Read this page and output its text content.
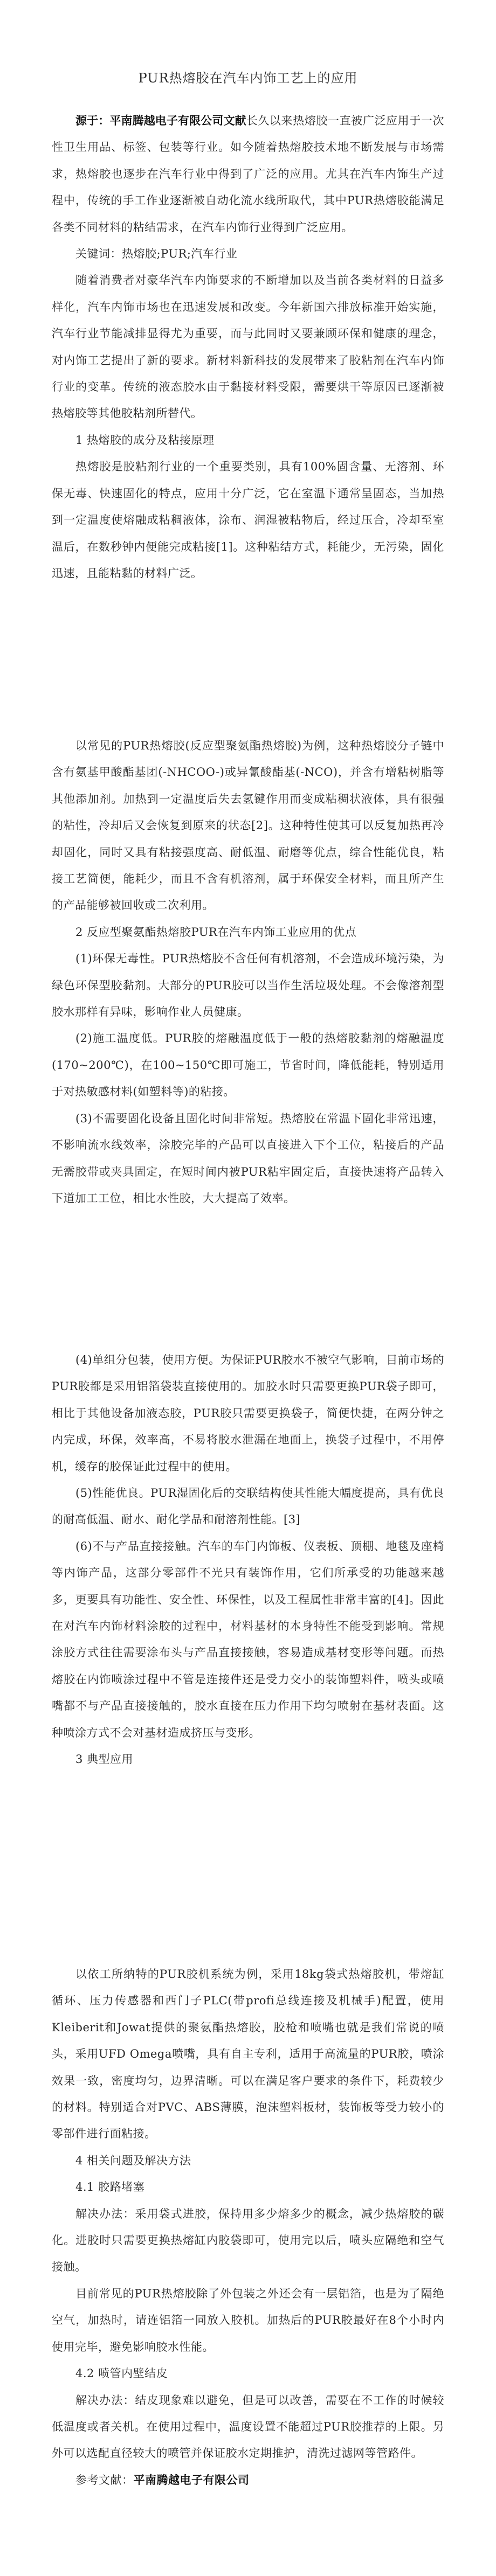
PUR热熔胶在汽车内饰工艺上的应用

源于：平南腾越电子有限公司文献长久以来热熔胶一直被广泛应用于一次性卫生用品、标签、包装等行业。如今随着热熔胶技术地不断发展与市场需求，热熔胶也逐步在汽车行业中得到了广泛的应用。尤其在汽车内饰生产过程中，传统的手工作业逐渐被自动化流水线所取代，其中PUR热熔胶能满足各类不同材料的粘结需求，在汽车内饰行业得到广泛应用。

关键词：热熔胶;PUR;汽车行业

随着消费者对豪华汽车内饰要求的不断增加以及当前各类材料的日益多样化，汽车内饰市场也在迅速发展和改变。今年新国六排放标准开始实施，汽车行业节能减排显得尤为重要，而与此同时又要兼顾环保和健康的理念，对内饰工艺提出了新的要求。新材料新科技的发展带来了胶粘剂在汽车内饰行业的变革。传统的液态胶水由于黏接材料受限，需要烘干等原因已逐渐被热熔胶等其他胶粘剂所替代。

1 热熔胶的成分及粘接原理

热熔胶是胶粘剂行业的一个重要类别，具有100%固含量、无溶剂、环保无毒、快速固化的特点，应用十分广泛，它在室温下通常呈固态，当加热到一定温度使熔融成粘稠液体，涂布、润湿被粘物后，经过压合，冷却至室温后，在数秒钟内便能完成粘接[1]。这种粘结方式，耗能少，无污染，固化迅速，且能粘黏的材料广泛。

以常见的PUR热熔胶(反应型聚氨酯热熔胶)为例，这种热熔胶分子链中含有氨基甲酸酯基团(-NHCOO-)或异氰酸酯基(-NCO)，并含有增粘树脂等其他添加剂。加热到一定温度后失去氢键作用而变成粘稠状液体，具有很强的粘性，冷却后又会恢复到原来的状态[2]。这种特性使其可以反复加热再冷却固化，同时又具有粘接强度高、耐低温、耐磨等优点，综合性能优良，粘接工艺简便，能耗少，而且不含有机溶剂，属于环保安全材料，而且所产生的产品能够被回收或二次利用。

2 反应型聚氨酯热熔胶PUR在汽车内饰工业应用的优点

(1)环保无毒性。PUR热熔胶不含任何有机溶剂，不会造成环境污染，为绿色环保型胶黏剂。大部分的PUR胶可以当作生活垃圾处理。不会像溶剂型胶水那样有异味，影响作业人员健康。

(2)施工温度低。PUR胶的熔融温度低于一般的热熔胶黏剂的熔融温度(170~200℃)，在100~150℃即可施工，节省时间，降低能耗，特别适用于对热敏感材料(如塑料等)的粘接。

(3)不需要固化设备且固化时间非常短。热熔胶在常温下固化非常迅速，不影响流水线效率，涂胶完毕的产品可以直接进入下个工位，粘接后的产品无需胶带或夹具固定，在短时间内被PUR粘牢固定后，直接快速将产品转入下道加工工位，相比水性胶，大大提高了效率。

(4)单组分包装，使用方便。为保证PUR胶水不被空气影响，目前市场的PUR胶都是采用铝箔袋装直接使用的。加胶水时只需要更换PUR袋子即可，相比于其他设备加液态胶，PUR胶只需要更换袋子，简便快捷，在两分钟之内完成，环保，效率高，不易将胶水泄漏在地面上，换袋子过程中，不用停机，缓存的胶保证此过程中的使用。

(5)性能优良。PUR湿固化后的交联结构使其性能大幅度提高，具有优良的耐高低温、耐水、耐化学品和耐溶剂性能。[3]

(6)不与产品直接接触。汽车的车门内饰板、仪表板、顶棚、地毯及座椅等内饰产品，这部分零部件不光只有装饰作用，它们所承受的功能越来越多，更要具有功能性、安全性、环保性，以及工程属性非常丰富的[4]。因此在对汽车内饰材料涂胶的过程中，材料基材的本身特性不能受到影响。常规涂胶方式往往需要涂布头与产品直接接触，容易造成基材变形等问题。而热熔胶在内饰喷涂过程中不管是连接件还是受力交小的装饰塑料件，喷头或喷嘴都不与产品直接接触的，胶水直接在压力作用下均匀喷射在基材表面。这种喷涂方式不会对基材造成挤压与变形。

3 典型应用

以依工所纳特的PUR胶机系统为例，采用18kg袋式热熔胶机，带熔缸循环、压力传感器和西门子PLC(带profi总线连接及机械手)配置，使用Kleiberit和Jowat提供的聚氨酯热熔胶，胶枪和喷嘴也就是我们常说的喷头，采用UFD Omega喷嘴，具有自主专利，适用于高流量的PUR胶，喷涂效果一致，密度均匀，边界清晰。可以在满足客户要求的条件下，耗费较少的材料。特别适合对PVC、ABS薄膜，泡沫塑料板材，装饰板等受力较小的零部件进行面粘接。

4 相关问题及解决方法

4.1 胶路堵塞

解决办法：采用袋式进胶，保持用多少熔多少的概念，减少热熔胶的碳化。进胶时只需要更换热熔缸内胶袋即可，使用完以后，喷头应隔绝和空气接触。

目前常见的PUR热熔胶除了外包装之外还会有一层铝箔，也是为了隔绝空气，加热时，请连铝箔一同放入胶机。加热后的PUR胶最好在8个小时内使用完毕，避免影响胶水性能。

4.2 喷管内壁结皮

解决办法：结皮现象难以避免，但是可以改善，需要在不工作的时候较低温度或者关机。在使用过程中，温度设置不能超过PUR胶推荐的上限。另外可以选配直径较大的喷管并保证胶水定期推护，清洗过滤网等管路件。

参考文献：平南腾越电子有限公司
